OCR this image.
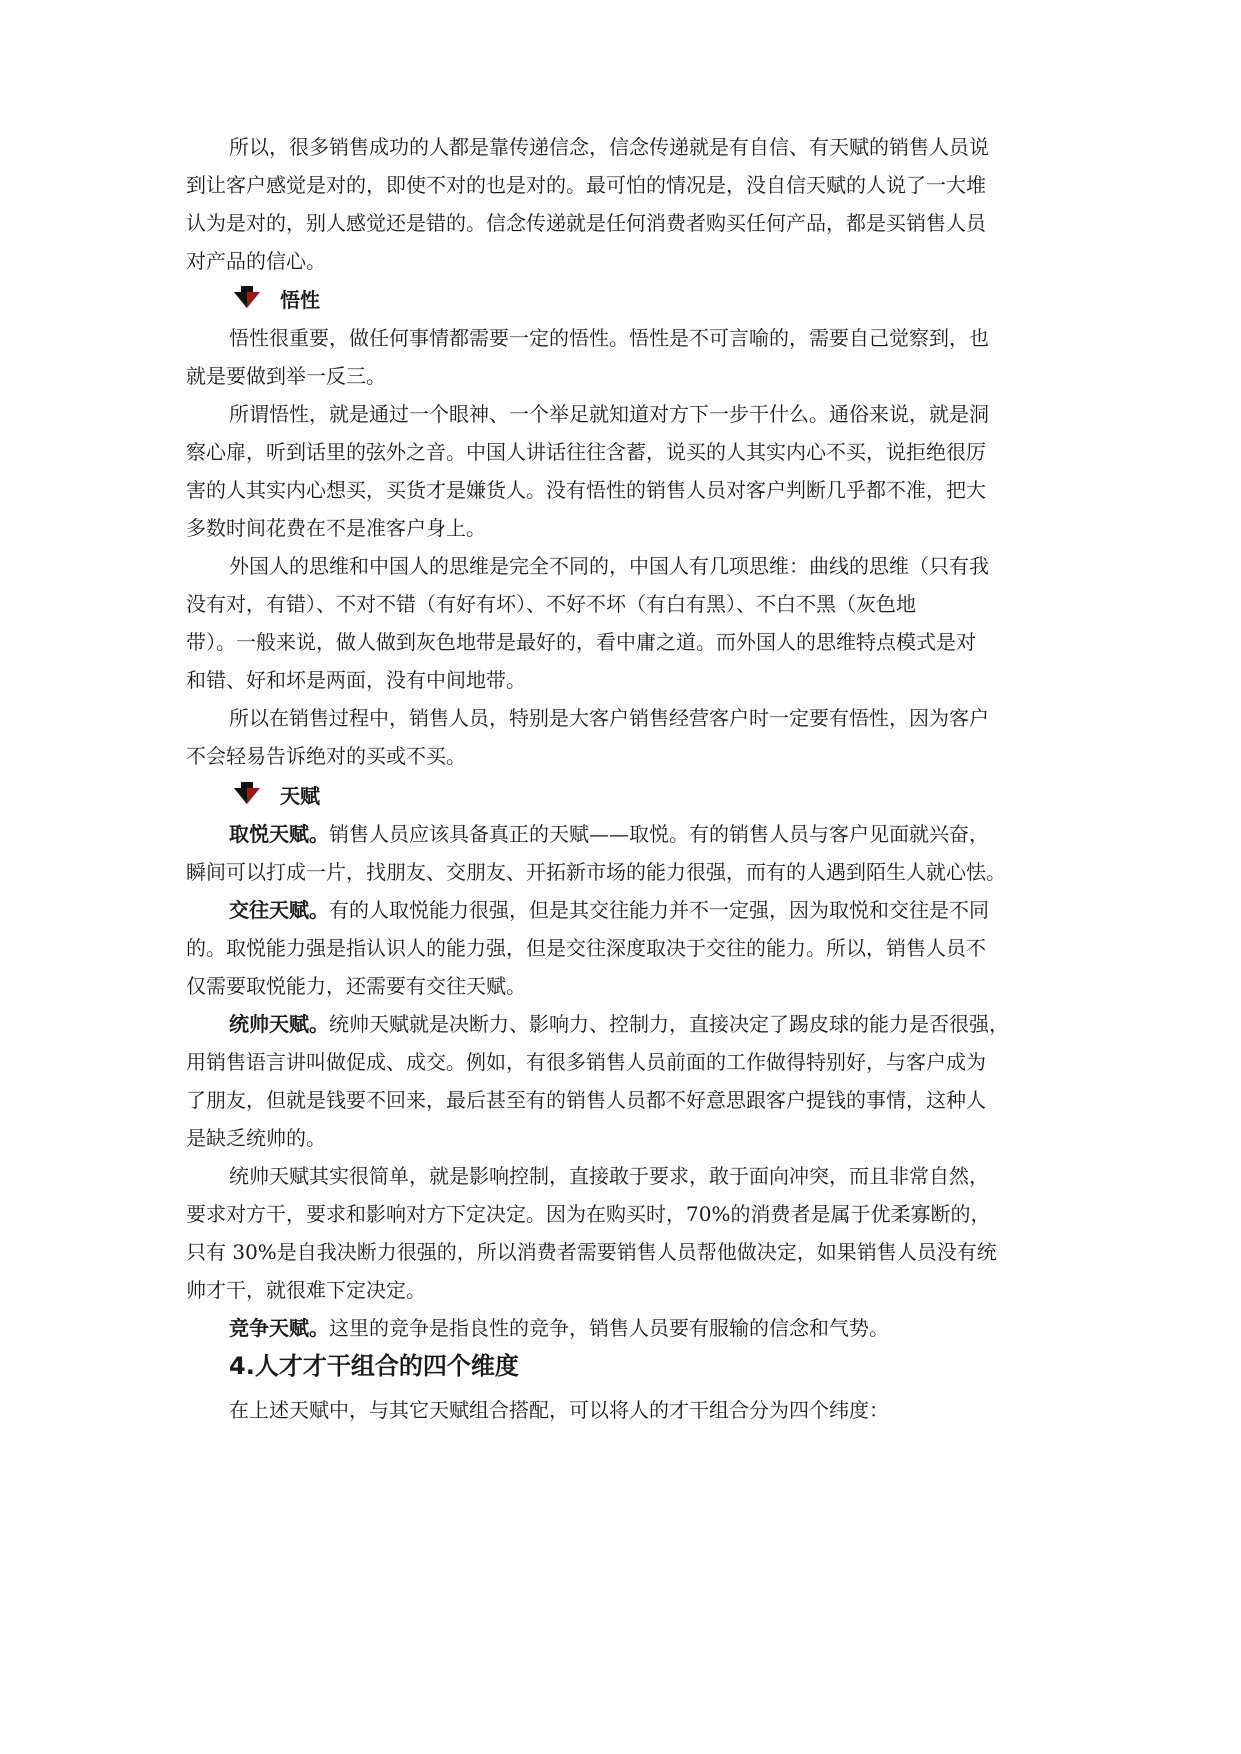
所以，很多销售成功的人都是靠传递信念，信念传递就是有自信、有天赋的销售人员说
到让客户感觉是对的，即使不对的也是对的。最可怕的情况是，没自信天赋的人说了一大堆
认为是对的，别人感觉还是错的。信念传递就是任何消费者购买任何产品，都是买销售人员
对产品的信心。
悟性
悟性很重要，做任何事情都需要一定的悟性。悟性是不可言喻的，需要自己觉察到，也
就是要做到举一反三。
所谓悟性，就是通过一个眼神、一个举足就知道对方下一步干什么。通俗来说，就是洞
察心扉，听到话里的弦外之音。中国人讲话往往含蓄，说买的人其实内心不买，说拒绝很厉
害的人其实内心想买，买货才是嫌货人。没有悟性的销售人员对客户判断几乎都不准，把大
多数时间花费在不是准客户身上。
外国人的思维和中国人的思维是完全不同的，中国人有几项思维：曲线的思维（只有我
没有对，有错）、不对不错（有好有坏）、不好不坏（有白有黑）、不白不黑（灰色地
带）。一般来说，做人做到灰色地带是最好的，看中庸之道。而外国人的思维特点模式是对
和错、好和坏是两面，没有中间地带。
所以在销售过程中，销售人员，特别是大客户销售经营客户时一定要有悟性，因为客户
不会轻易告诉绝对的买或不买。
天赋
取悦天赋。销售人员应该具备真正的天赋——取悦。有的销售人员与客户见面就兴奋，
瞬间可以打成一片，找朋友、交朋友、开拓新市场的能力很强，而有的人遇到陌生人就心怯。
交往天赋。有的人取悦能力很强，但是其交往能力并不一定强，因为取悦和交往是不同
的。取悦能力强是指认识人的能力强，但是交往深度取决于交往的能力。所以，销售人员不
仅需要取悦能力，还需要有交往天赋。
统帅天赋。统帅天赋就是决断力、影响力、控制力，直接决定了踢皮球的能力是否很强，
用销售语言讲叫做促成、成交。例如，有很多销售人员前面的工作做得特别好，与客户成为
了朋友，但就是钱要不回来，最后甚至有的销售人员都不好意思跟客户提钱的事情，这种人
是缺乏统帅的。
统帅天赋其实很简单，就是影响控制，直接敢于要求，敢于面向冲突，而且非常自然，
要求对方干，要求和影响对方下定决定。因为在购买时，70%的消费者是属于优柔寡断的，
只有 30%是自我决断力很强的，所以消费者需要销售人员帮他做决定，如果销售人员没有统
帅才干，就很难下定决定。
竞争天赋。这里的竞争是指良性的竞争，销售人员要有服输的信念和气势。
4.人才才干组合的四个维度
在上述天赋中，与其它天赋组合搭配，可以将人的才干组合分为四个纬度：
